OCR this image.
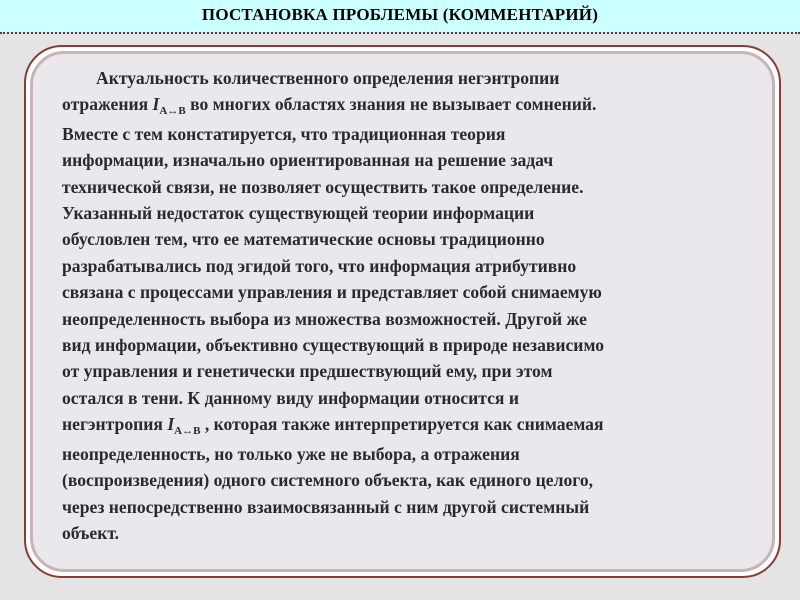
ПОСТАНОВКА ПРОБЛЕМЫ (КОММЕНТАРИЙ)
Актуальность количественного определения негэнтропии
отражения $I_{A\leftrightarrow B}$ во многих областях знания не вызывает сомнений.
Вместе с тем констатируется, что традиционная теория
информации, изначально ориентированная на решение задач
технической связи, не позволяет осуществить такое определение.
Указанный недостаток существующей теории информации
обусловлен тем, что ее математические основы традиционно
разрабатывались под эгидой того, что информация атрибутивно
связана с процессами управления и представляет собой снимаемую
неопределенность выбора из множества возможностей. Другой же
вид информации, объективно существующий в природе независимо
от управления и генетически предшествующий ему, при этом
остался в тени. К данному виду информации относится и
негэнтропия $I_{A\leftrightarrow B}$ , которая также интерпретируется как снимаемая
неопределенность, но только уже не выбора, а отражения
(воспроизведения) одного системного объекта, как единого целого,
через непосредственно взаимосвязанный с ним другой системный
объект.
